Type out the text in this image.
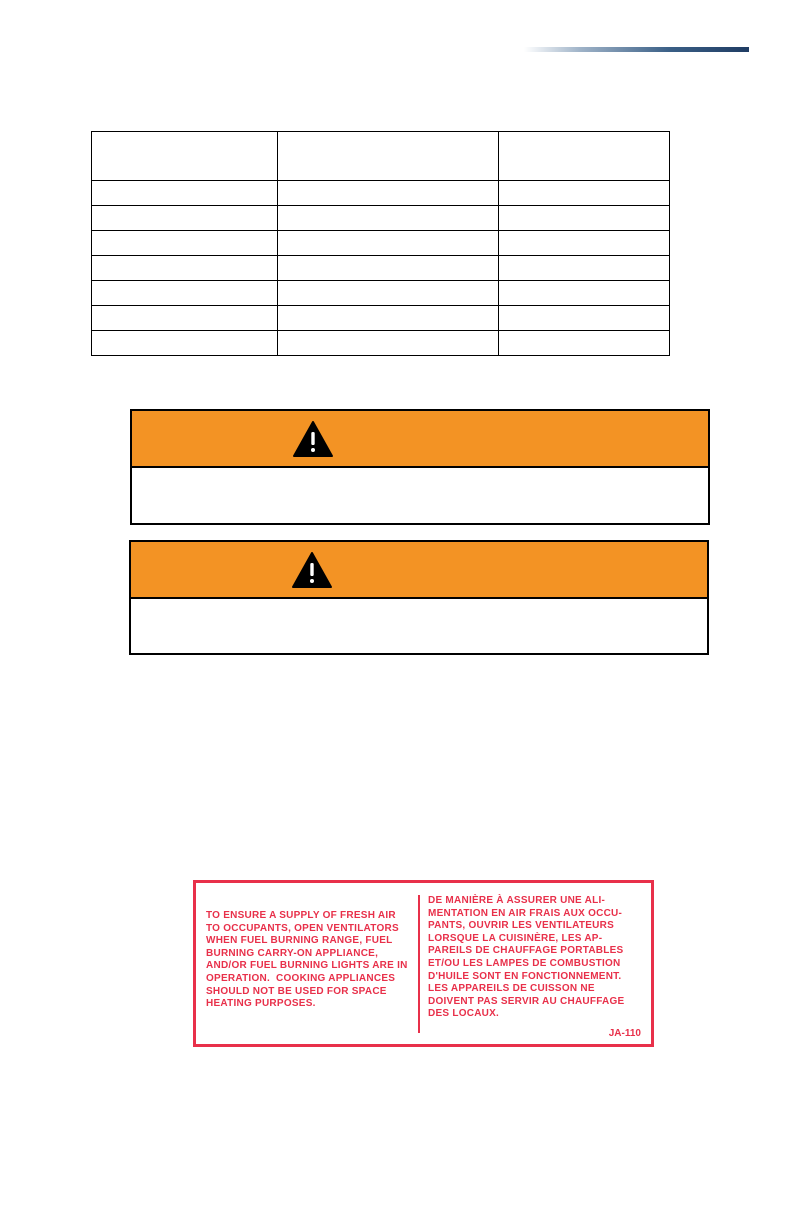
TO ENSURE A SUPPLY OF FRESH AIR
TO OCCUPANTS, OPEN VENTILATORS
WHEN FUEL BURNING RANGE, FUEL
BURNING CARRY-ON APPLIANCE,
AND/OR FUEL BURNING LIGHTS ARE IN
OPERATION.  COOKING APPLIANCES
SHOULD NOT BE USED FOR SPACE
HEATING PURPOSES.
DE MANIÈRE À ASSURER UNE ALI-
MENTATION EN AIR FRAIS AUX OCCU-
PANTS, OUVRIR LES VENTILATEURS
LORSQUE LA CUISINÈRE, LES AP-
PAREILS DE CHAUFFAGE PORTABLES
ET/OU LES LAMPES DE COMBUSTION
D'HUILE SONT EN FONCTIONNEMENT.
LES APPAREILS DE CUISSON NE
DOIVENT PAS SERVIR AU CHAUFFAGE
DES LOCAUX.
JA-110
